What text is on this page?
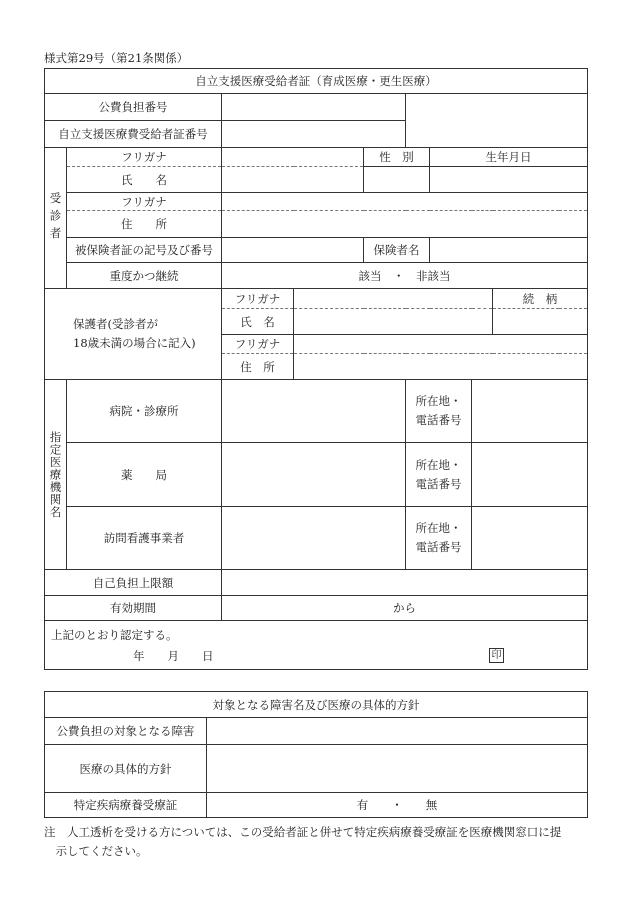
様式第29号（第21条関係）
自立支援医療受給者証（育成医療・更生医療）								
公費負担番号							

自立支援医療費受給者証番号							

受診者	フリガナ			性　別		生年月日		
	氏　　名							
	フリガナ							
	住　　所							
	被保険者証の記号及び番号			保険者名				
	重度かつ継続	該当　・　非該当						

保護者(受診者が
18歳未満の場合に記入)		フリガナ						続　柄
		氏　名						
		フリガナ						
		住　所						

指定医療機関名	病院・診療所				所在地・
電話番号			

	薬　　局				所在地・
電話番号			

	訪問看護事業者				所在地・
電話番号			

自己負担上限額								
有効期間		から						

上記のとおり認定する。
年　　月　　日 印								
対象となる障害名及び医療の具体的方針	
公費負担の対象となる障害	
医療の具体的方針	
特定疾病療養受療証	有　　・　　無
注　人工透析を受ける方については、この受給者証と併せて特定疾病療養受療証を医療機関窓口に提
　示してください。
